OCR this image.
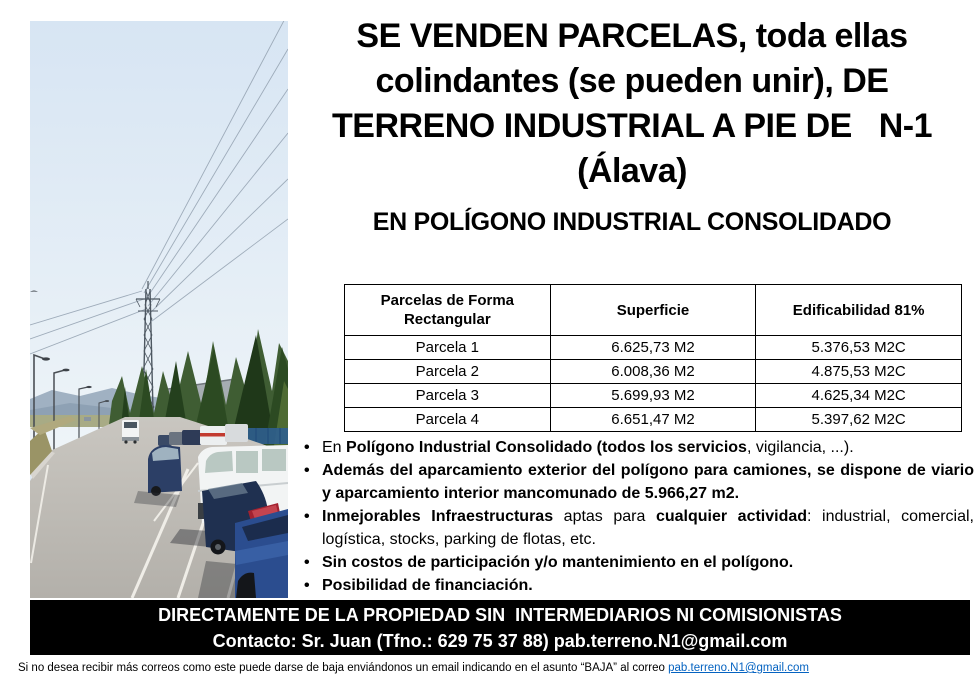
SE VENDEN PARCELAS, toda ellas
colindantes (se pueden unir), DE
TERRENO INDUSTRIAL A PIE DE   N-1
(Álava)
EN POLÍGONO INDUSTRIAL CONSOLIDADO
Parcelas de Forma Rectangular	Superficie	Edificabilidad 81%
Parcela 1	6.625,73 M2	5.376,53 M2C
Parcela 2	6.008,36 M2	4.875,53 M2C
Parcela 3	5.699,93 M2	4.625,34 M2C
Parcela 4	6.651,47 M2	5.397,62 M2C
• En Polígono Industrial Consolidado (todos los servicios, vigilancia, ...).
• Además del aparcamiento exterior del polígono para camiones, se dispone de viario y aparcamiento interior mancomunado de 5.966,27 m2.
• Inmejorables Infraestructuras aptas para cualquier actividad: industrial, comercial, logística, stocks, parking de flotas, etc.
• Sin costos de participación y/o mantenimiento en el polígono.
• Posibilidad de financiación.
DIRECTAMENTE DE LA PROPIEDAD SIN  INTERMEDIARIOS NI COMISIONISTAS
Contacto: Sr. Juan (Tfno.: 629 75 37 88) pab.terreno.N1@gmail.com
Si no desea recibir más correos como este puede darse de baja enviándonos un email indicando en el asunto “BAJA” al correo pab.terreno.N1@gmail.com
